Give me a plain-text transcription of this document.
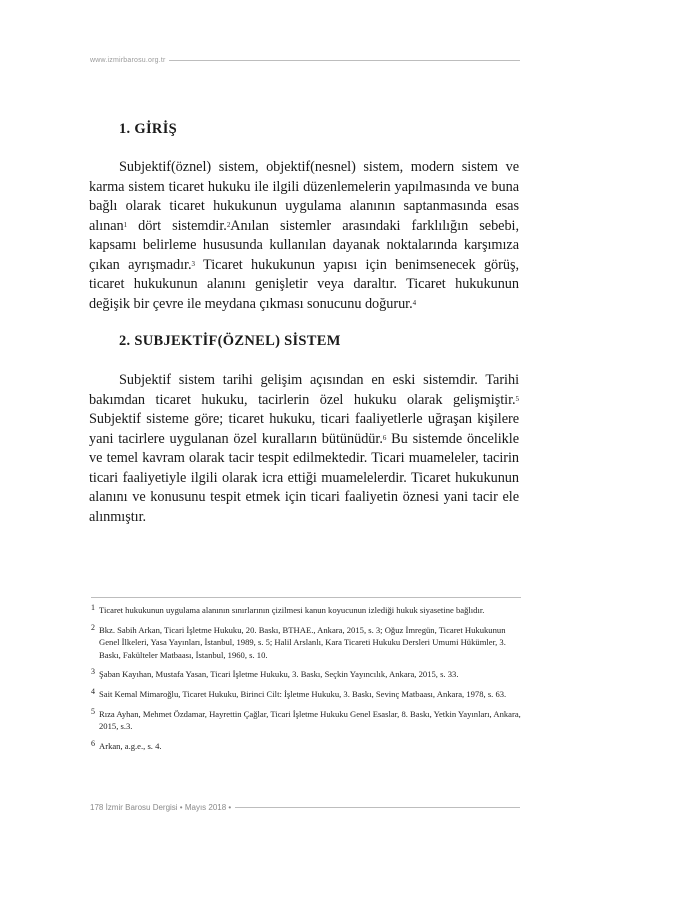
www.izmirbarosu.org.tr
1. GİRİŞ

Subjektif(öznel) sistem, objektif(nesnel) sistem, modern sistem ve karma sistem ticaret hukuku ile ilgili düzenlemelerin yapılmasında ve buna bağlı olarak ticaret hukukunun uygulama alanının saptanmasında esas alınan$^1$ dört sistemdir.$^2$Anılan sistemler arasındaki farklılığın sebebi, kapsamı belirleme hususunda kullanılan dayanak noktalarında karşımıza çıkan ayrışmadır.$^3$ Ticaret hukukunun yapısı için benimsenecek görüş, ticaret hukukunun alanını genişletir veya daraltır. Ticaret hukukunun değişik bir çevre ile meydana çıkması sonucunu doğurur.$^4$

2. SUBJEKTİF(ÖZNEL) SİSTEM

Subjektif sistem tarihi gelişim açısından en eski sistemdir. Tarihi bakımdan ticaret hukuku, tacirlerin özel hukuku olarak gelişmiştir.$^5$ Subjektif sisteme göre; ticaret hukuku, ticari faaliyetlerle uğraşan kişilere yani tacirlere uygulanan özel kuralların bütünüdür.$^6$ Bu sistemde öncelikle ve temel kavram olarak tacir tespit edilmektedir. Ticari muameleler, tacirin ticari faaliyetiyle ilgili olarak icra ettiği muamelelerdir. Ticaret hukukunun alanını ve konusunu tespit etmek için ticari faaliyetin öznesi yani tacir ele alınmıştır.

1 Ticaret hukukunun uygulama alanının sınırlarının çizilmesi kanun koyucunun izlediği hukuk siyasetine bağlıdır.
2 Bkz. Sabih Arkan, Ticari İşletme Hukuku, 20. Baskı, BTHAE., Ankara, 2015, s. 3; Oğuz İmregün, Ticaret Hukukunun Genel İlkeleri, Yasa Yayınları, İstanbul, 1989, s. 5; Halil Arslanlı, Kara Ticareti Hukuku Dersleri Umumi Hükümler, 3. Baskı, Fakülteler Matbaası, İstanbul, 1960, s. 10.
3 Şaban Kayıhan, Mustafa Yasan, Ticari İşletme Hukuku, 3. Baskı, Seçkin Yayıncılık, Ankara, 2015, s. 33.
4 Sait Kemal Mimaroğlu, Ticaret Hukuku, Birinci Cilt: İşletme Hukuku, 3. Baskı, Sevinç Matbaası, Ankara, 1978, s. 63.
5 Rıza Ayhan, Mehmet Özdamar, Hayrettin Çağlar, Ticari İşletme Hukuku Genel Esaslar, 8. Baskı, Yetkin Yayınları, Ankara, 2015, s.3.
6 Arkan, a.g.e., s. 4.
178 İzmir Barosu Dergisi • Mayıs 2018 •
